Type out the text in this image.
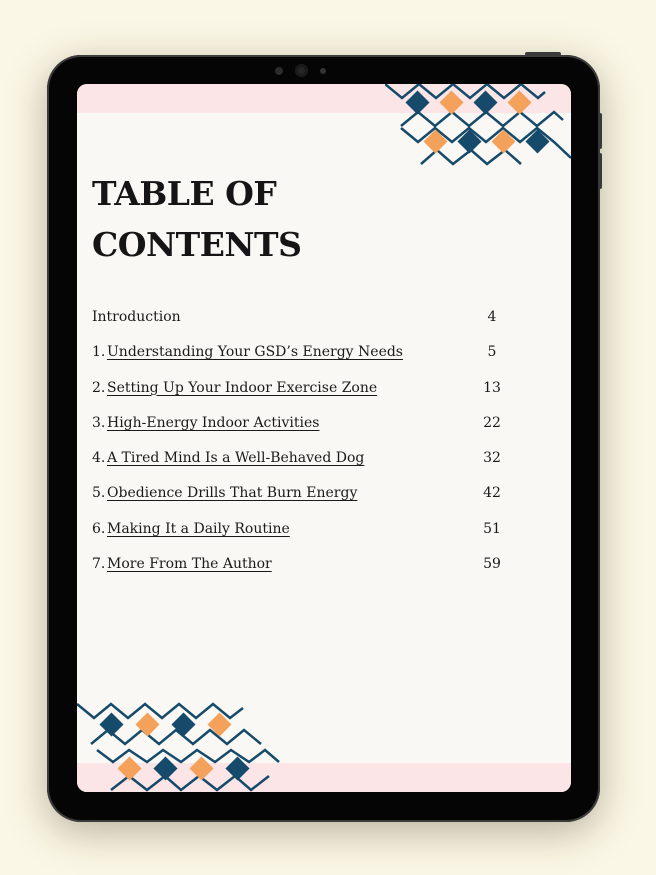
TABLE OF
CONTENTS
Introduction	4
1. Understanding Your GSD’s Energy Needs	5
2. Setting Up Your Indoor Exercise Zone	13
3. High-Energy Indoor Activities	22
4. A Tired Mind Is a Well-Behaved Dog	32
5. Obedience Drills That Burn Energy	42
6. Making It a Daily Routine	51
7. More From The Author	59
